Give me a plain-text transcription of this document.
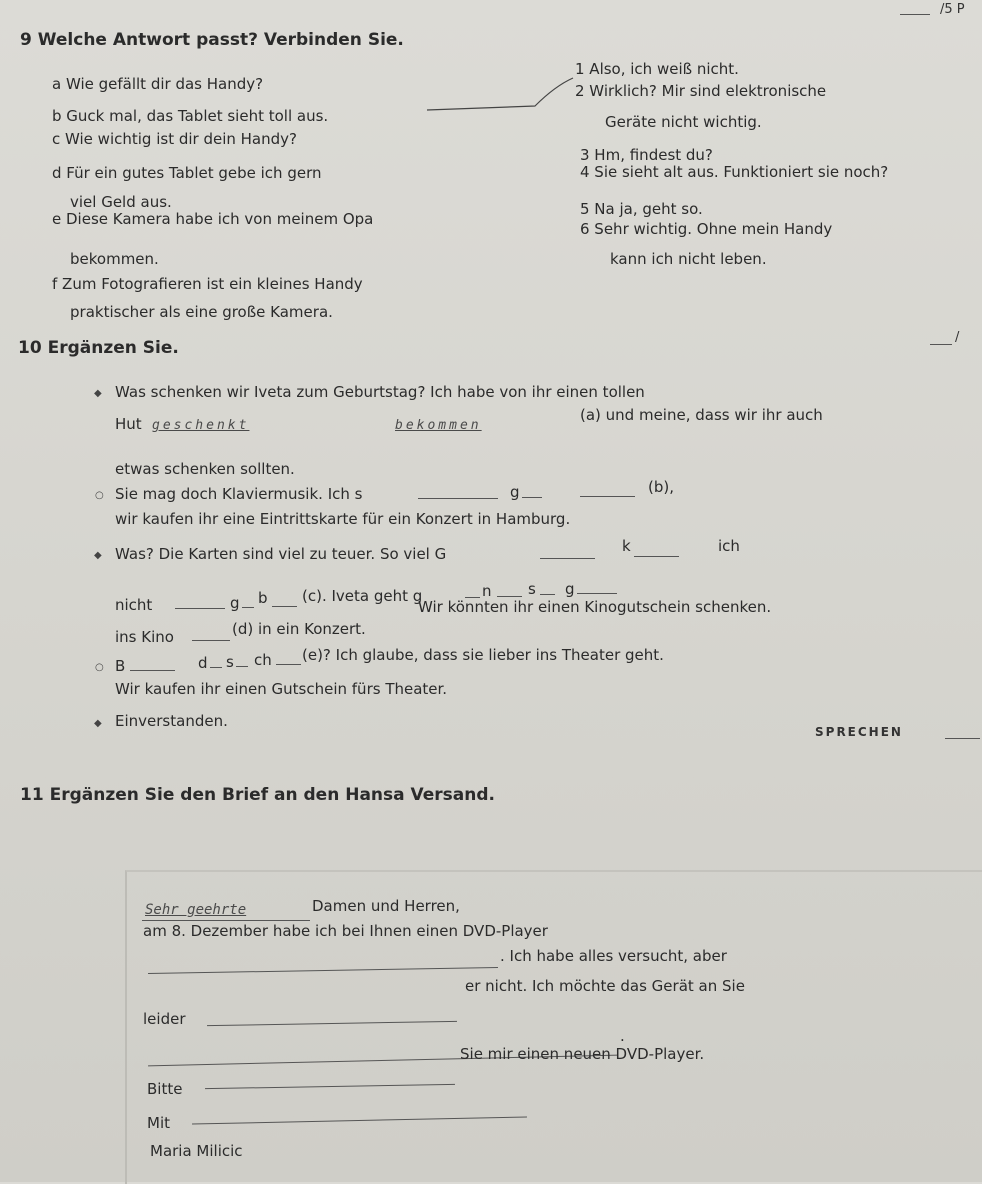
/5 P
9 Welche Antwort passt? Verbinden Sie.
a Wie gefällt dir das Handy?
b Guck mal, das Tablet sieht toll aus.
c Wie wichtig ist dir dein Handy?
d Für ein gutes Tablet gebe ich gern
viel Geld aus.
e Diese Kamera habe ich von meinem Opa
bekommen.
f Zum Fotografieren ist ein kleines Handy
praktischer als eine große Kamera.
1 Also, ich weiß nicht.
2 Wirklich? Mir sind elektronische
Geräte nicht wichtig.
3 Hm, findest du?
4 Sie sieht alt aus. Funktioniert sie noch?
5 Na ja, geht so.
6 Sehr wichtig. Ohne mein Handy
kann ich nicht leben.
/
10 Ergänzen Sie.
◆ Was schenken wir Iveta zum Geburtstag? Ich habe von ihr einen tollen
Hut geschenkt	bekommen
(a) und meine, dass wir ihr auch
etwas schenken sollten.
○ Sie mag doch Klaviermusik. Ich s	g	(b),
wir kaufen ihr eine Eintrittskarte für ein Konzert in Hamburg.
◆ Was? Die Karten sind viel zu teuer. So viel G	k	ich
nicht	g b (c). Iveta geht g	n s g
ins Kino	(d) in ein Konzert.
Wir könnten ihr einen Kinogutschein schenken.
○ B	d s ch (e)? Ich glaube, dass sie lieber ins Theater geht.
Wir kaufen ihr einen Gutschein fürs Theater.
◆ Einverstanden.
SPRECHEN
11 Ergänzen Sie den Brief an den Hansa Versand.
Sehr geehrte	Damen und Herren,
am 8. Dezember habe ich bei Ihnen einen DVD-Player
. Ich habe alles versucht, aber
leider
er nicht. Ich möchte das Gerät an Sie
.
Bitte
Sie mir einen neuen DVD-Player.
Mit
Maria Milicic
